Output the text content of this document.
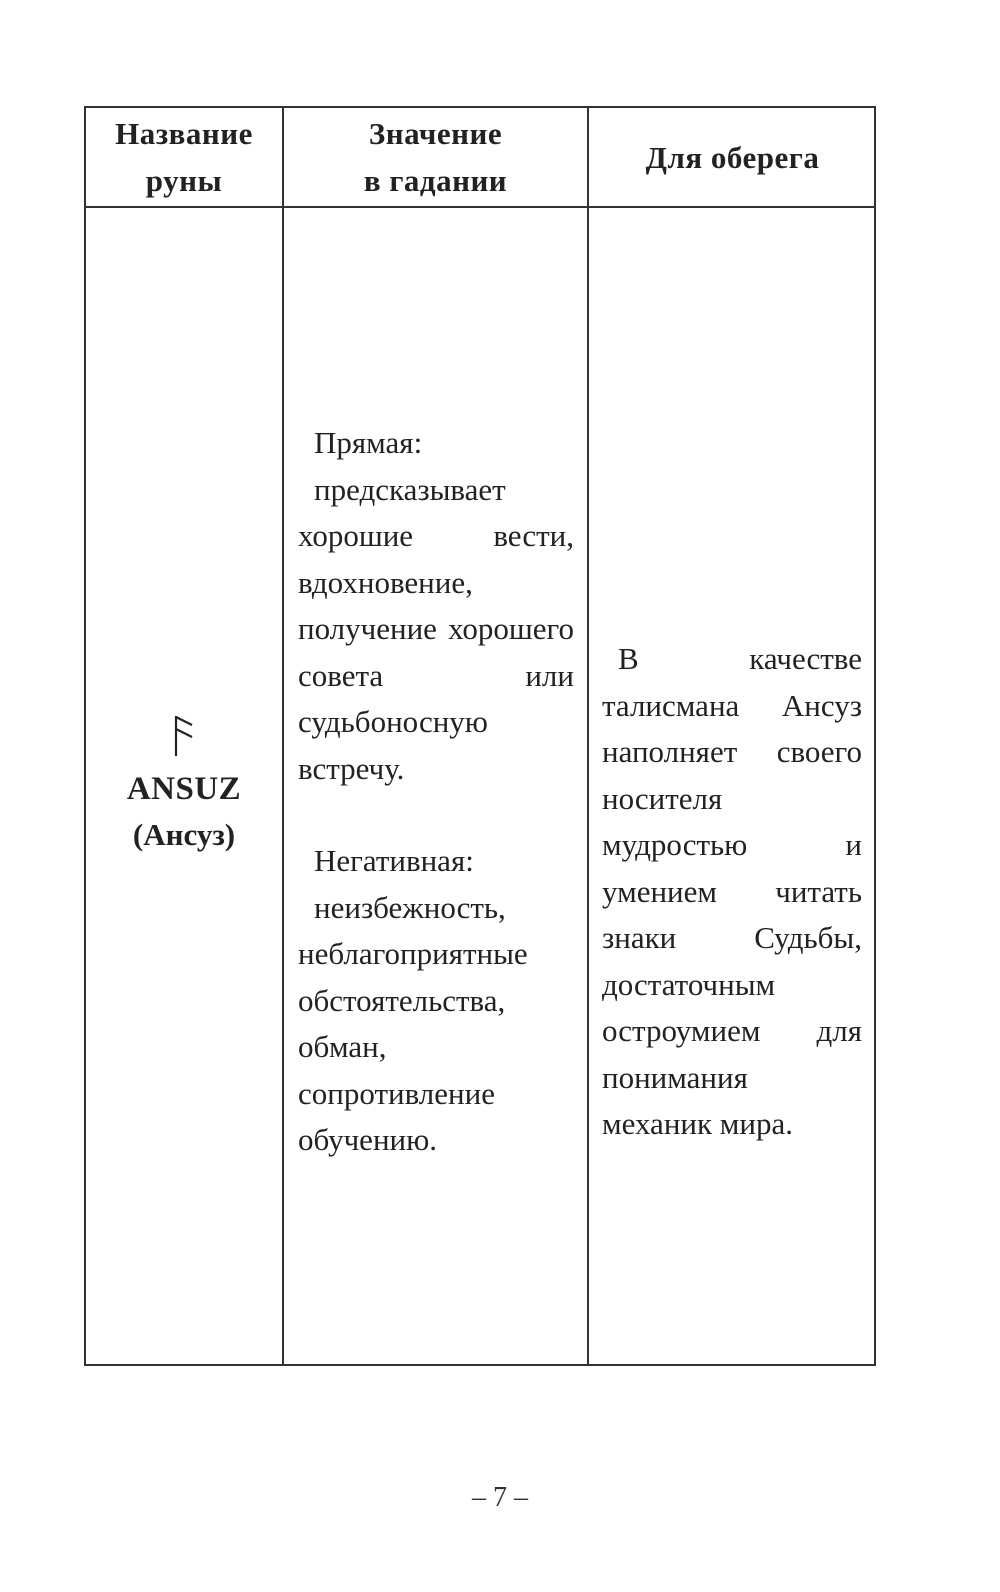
Название
руны
Значение
в гадании
Для оберега
ANSUZ
(Ансуз)
Прямая:
предсказывает хорошие вести, вдохновение, получение хорошего совета или судьбоносную встречу.
Негативная:
неизбежность, неблагоприятные обстоятельства, обман, сопротивление обучению.
В качестве талисмана Ансуз наполняет своего носителя мудростью и умением читать знаки Судьбы, достаточным остроумием для понимания механик мира.
– 7 –
